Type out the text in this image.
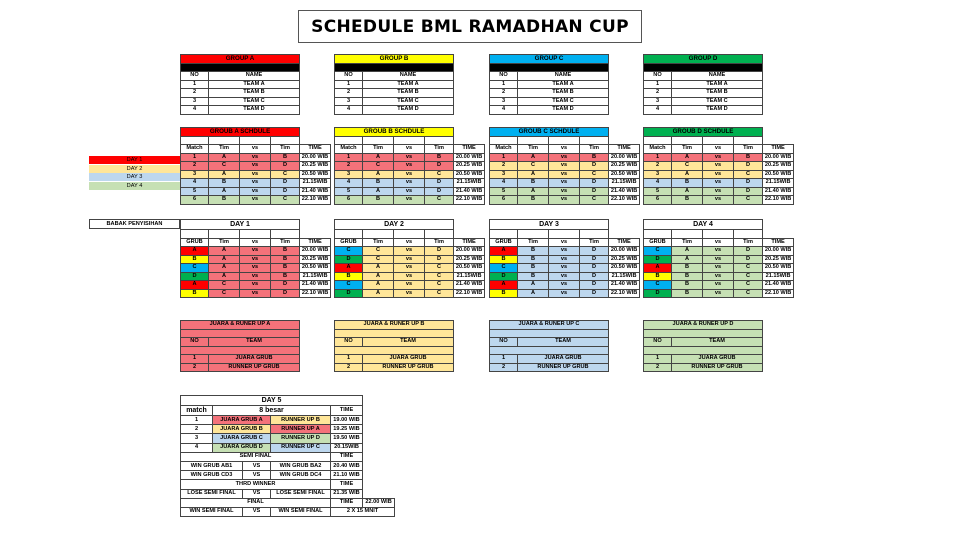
SCHEDULE BML RAMADHAN CUP
GROUP A	

NO	NAME
1	TEAM A
2	TEAM B
3	TEAM C
4	TEAM D
GROUP B	

NO	NAME
1	TEAM A
2	TEAM B
3	TEAM C
4	TEAM D
GROUP C	

NO	NAME
1	TEAM A
2	TEAM B
3	TEAM C
4	TEAM D
GROUP D	

NO	NAME
1	TEAM A
2	TEAM B
3	TEAM C
4	TEAM D
DAY 1
DAY 2
DAY 3
DAY 4
GROUB A SCHDULE				

Match	Tim	vs	Tim	TIME
1	A	vs	B	20.00 WIB
2	C	vs	D	20.25 WIB
3	A	vs	C	20.50 WIB
4	B	vs	D	21.15WIB
5	A	vs	D	21.40 WIB
6	B	vs	C	22.10 WIB
GROUB B SCHDULE				

Match	Tim	vs	Tim	TIME
1	A	vs	B	20.00 WIB
2	C	vs	D	20.25 WIB
3	A	vs	C	20.50 WIB
4	B	vs	D	21.15WIB
5	A	vs	D	21.40 WIB
6	B	vs	C	22.10 WIB
GROUB C SCHDULE				

Match	Tim	vs	Tim	TIME
1	A	vs	B	20.00 WIB
2	C	vs	D	20.25 WIB
3	A	vs	C	20.50 WIB
4	B	vs	D	21.15WIB
5	A	vs	D	21.40 WIB
6	B	vs	C	22.10 WIB
GROUB D SCHDULE				

Match	Tim	vs	Tim	TIME
1	A	vs	B	20.00 WIB
2	C	vs	D	20.25 WIB
3	A	vs	C	20.50 WIB
4	B	vs	D	21.15WIB
5	A	vs	D	21.40 WIB
6	B	vs	C	22.10 WIB
BABAK PENYISIHAN	DAY 1				

GRUB	Tim	vs	Tim	TIME
A	A	vs	B	20.00 WIB
B	A	vs	B	20.25 WIB
C	A	vs	B	20.50 WIB
D	A	vs	B	21.15WIB
A	C	vs	D	21.40 WIB
B	C	vs	D	22.10 WIB
DAY 2				

GRUB	Tim	vs	Tim	TIME
C	C	vs	D	20.00 WIB
D	C	vs	D	20.25 WIB
A	A	vs	C	20.50 WIB
B	A	vs	C	21.15WIB
C	A	vs	C	21.40 WIB
D	A	vs	C	22.10 WIB
DAY 3				

GRUB	Tim	vs	Tim	TIME
A	B	vs	D	20.00 WIB
B	B	vs	D	20.25 WIB
C	B	vs	D	20.50 WIB
D	B	vs	D	21.15WIB
A	A	vs	D	21.40 WIB
B	A	vs	D	22.10 WIB
DAY 4				

GRUB	Tim	vs	Tim	TIME
C	A	vs	D	20.00 WIB
D	A	vs	D	20.25 WIB
A	B	vs	C	20.50 WIB
B	B	vs	C	21.15WIB
C	B	vs	C	21.40 WIB
D	B	vs	C	22.10 WIB
JUARA & RUNER UP A	

NO	TEAM

1	JUARA GRUB
2	RUNNER UP GRUB
JUARA & RUNER UP B	

NO	TEAM

1	JUARA GRUB
2	RUNNER UP GRUB
JUARA & RUNER UP C	

NO	TEAM

1	JUARA GRUB
2	RUNNER UP GRUB
JUARA & RUNER UP D	

NO	TEAM

1	JUARA GRUB
2	RUNNER UP GRUB
DAY 5					
match	8 besar			TIME	
1	JUARA GRUB A		RUNNER UP B	19.00 WIB	
2	JUARA GRUB B		RUNNER UP A	19.25 WIB	
3	JUARA GRUB C		RUNNER UP D	19.50 WIB	
4	JUARA GRUB D		RUNNER UP C	20.15WIB	
SEMI FINAL				TIME	
WIN GRUB AB1		VS	WIN GRUB BA2	20.40 WIB	
WIN GRUB CD3		VS	WIN GRUB DC4	21.10 WIB	
THRD WINNER				TIME	
LOSE SEMI FINAL		VS	LOSE SEMI FINAL	21.35 WIB	
FINAL				TIME	22.00 WIB
WIN SEMI FINAL		VS	WIN SEMI FINAL	2 X 15 MNIT	
